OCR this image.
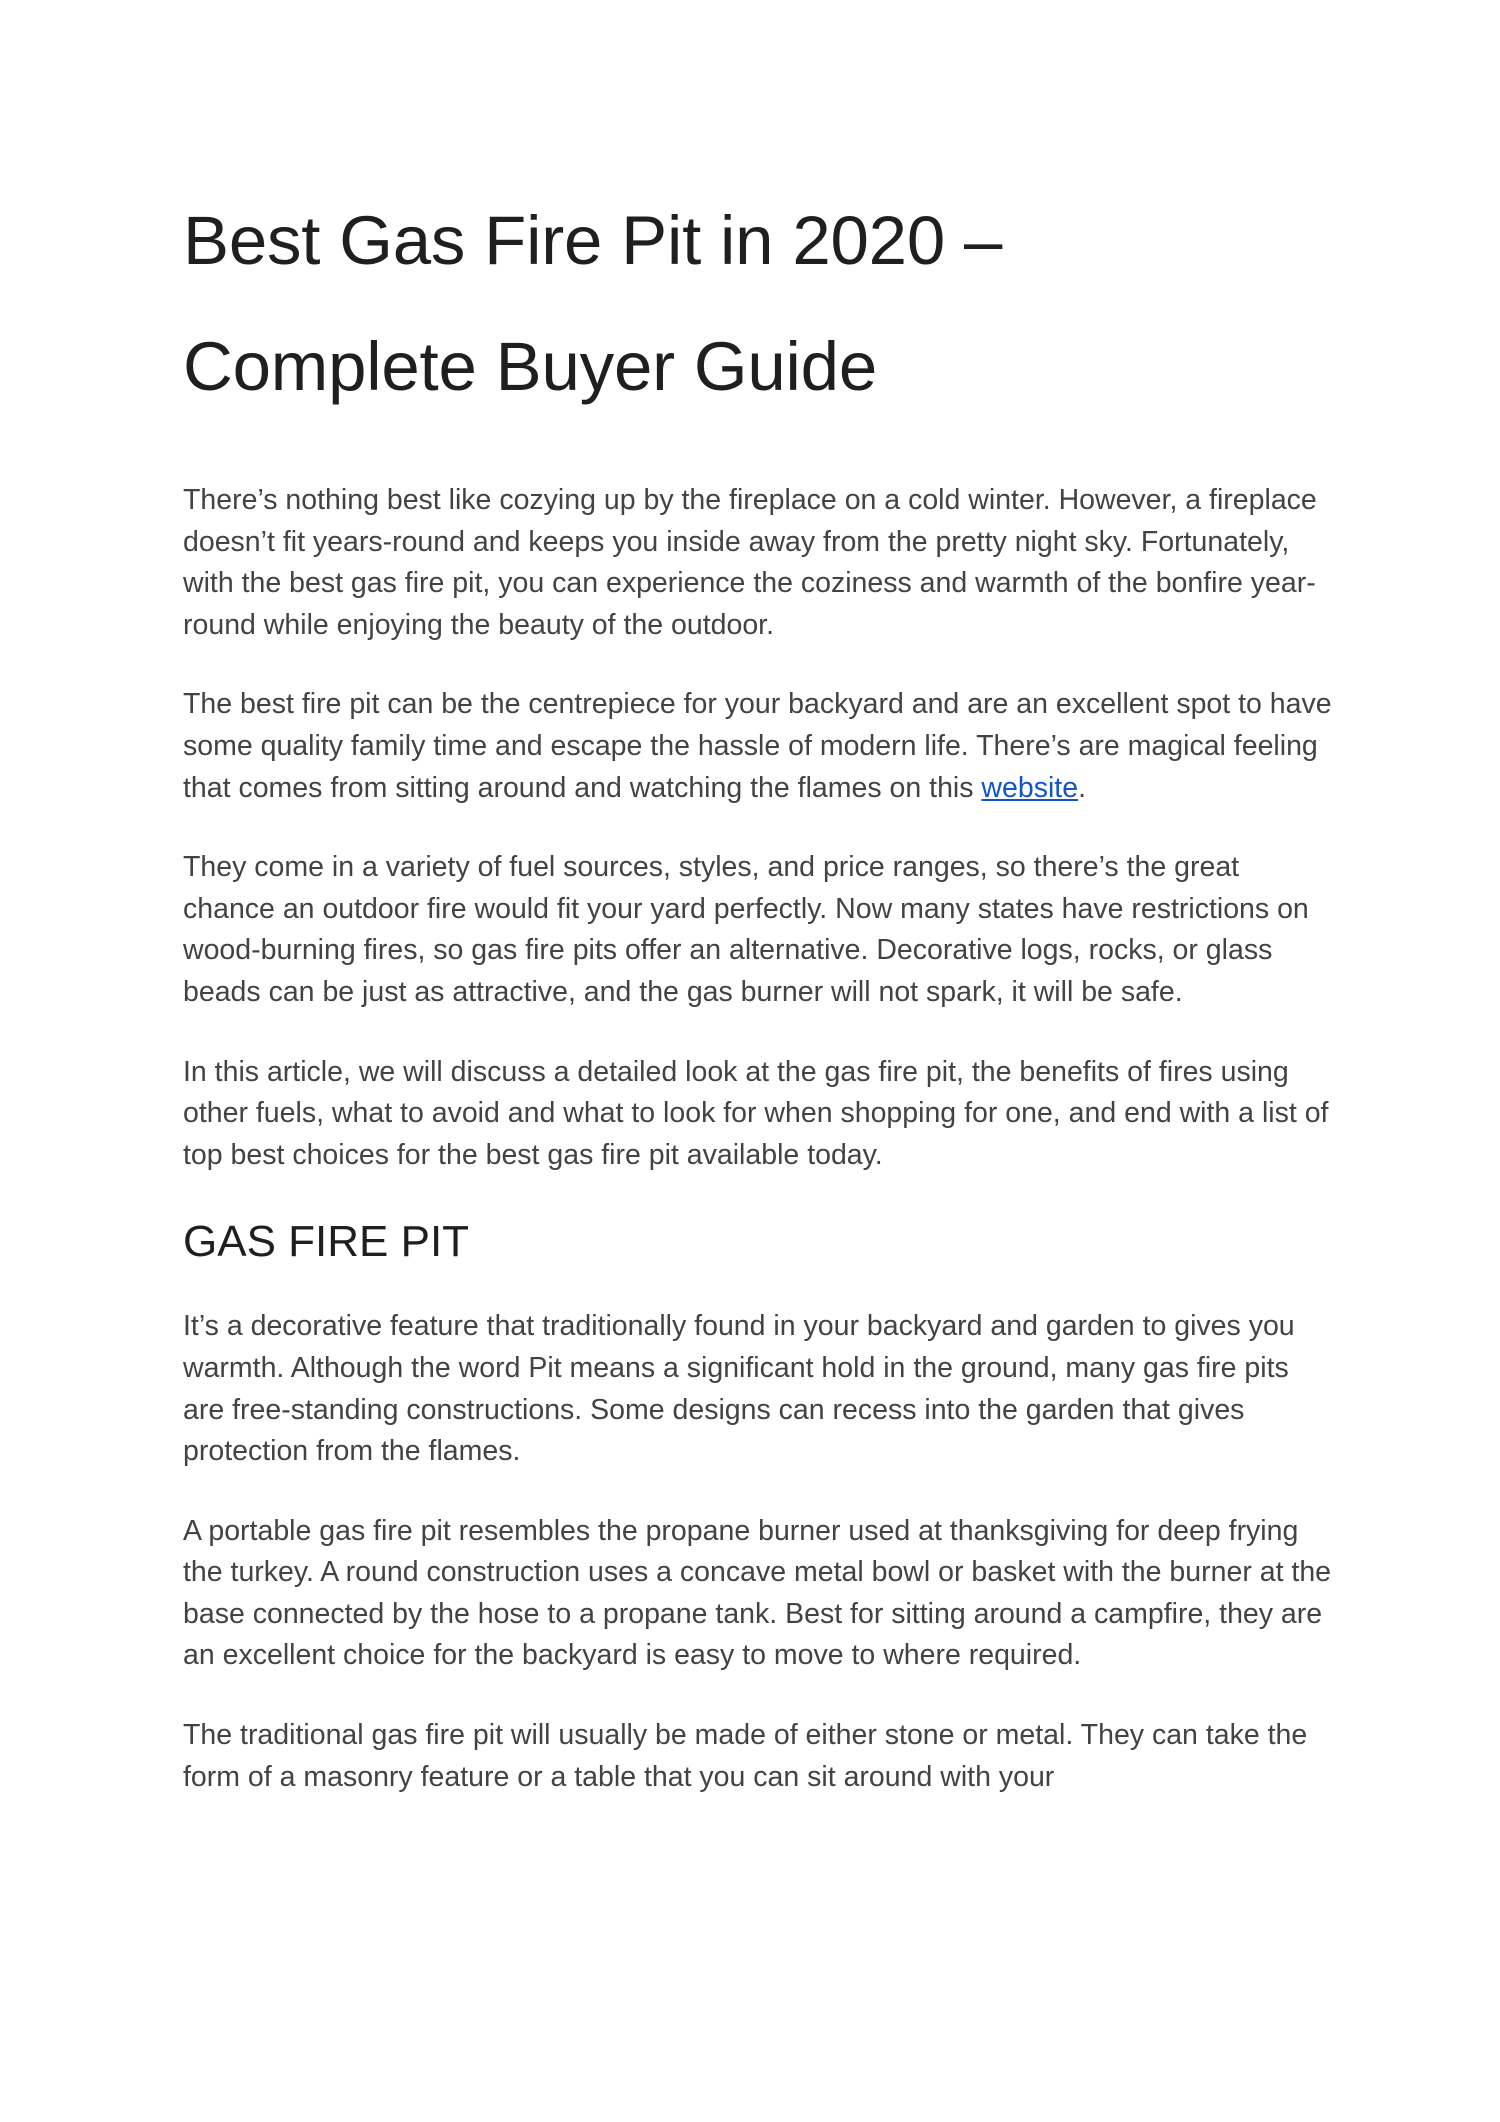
Best Gas Fire Pit in 2020 –
Complete Buyer Guide

There’s nothing best like cozying up by the fireplace on a cold winter. However, a fireplace doesn’t fit years-round and keeps you inside away from the pretty night sky. Fortunately, with the best gas fire pit, you can experience the coziness and warmth of the bonfire year-round while enjoying the beauty of the outdoor.

The best fire pit can be the centrepiece for your backyard and are an excellent spot to have some quality family time and escape the hassle of modern life. There’s are magical feeling that comes from sitting around and watching the flames on this website.

They come in a variety of fuel sources, styles, and price ranges, so there’s the great chance an outdoor fire would fit your yard perfectly. Now many states have restrictions on wood-burning fires, so gas fire pits offer an alternative. Decorative logs, rocks, or glass beads can be just as attractive, and the gas burner will not spark, it will be safe.

In this article, we will discuss a detailed look at the gas fire pit, the benefits of fires using other fuels, what to avoid and what to look for when shopping for one, and end with a list of top best choices for the best gas fire pit available today.

GAS FIRE PIT

It’s a decorative feature that traditionally found in your backyard and garden to gives you warmth. Although the word Pit means a significant hold in the ground, many gas fire pits are free-standing constructions. Some designs can recess into the garden that gives protection from the flames.

A portable gas fire pit resembles the propane burner used at thanksgiving for deep frying the turkey. A round construction uses a concave metal bowl or basket with the burner at the base connected by the hose to a propane tank. Best for sitting around a campfire, they are an excellent choice for the backyard is easy to move to where required.

The traditional gas fire pit will usually be made of either stone or metal. They can take the form of a masonry feature or a table that you can sit around with your
